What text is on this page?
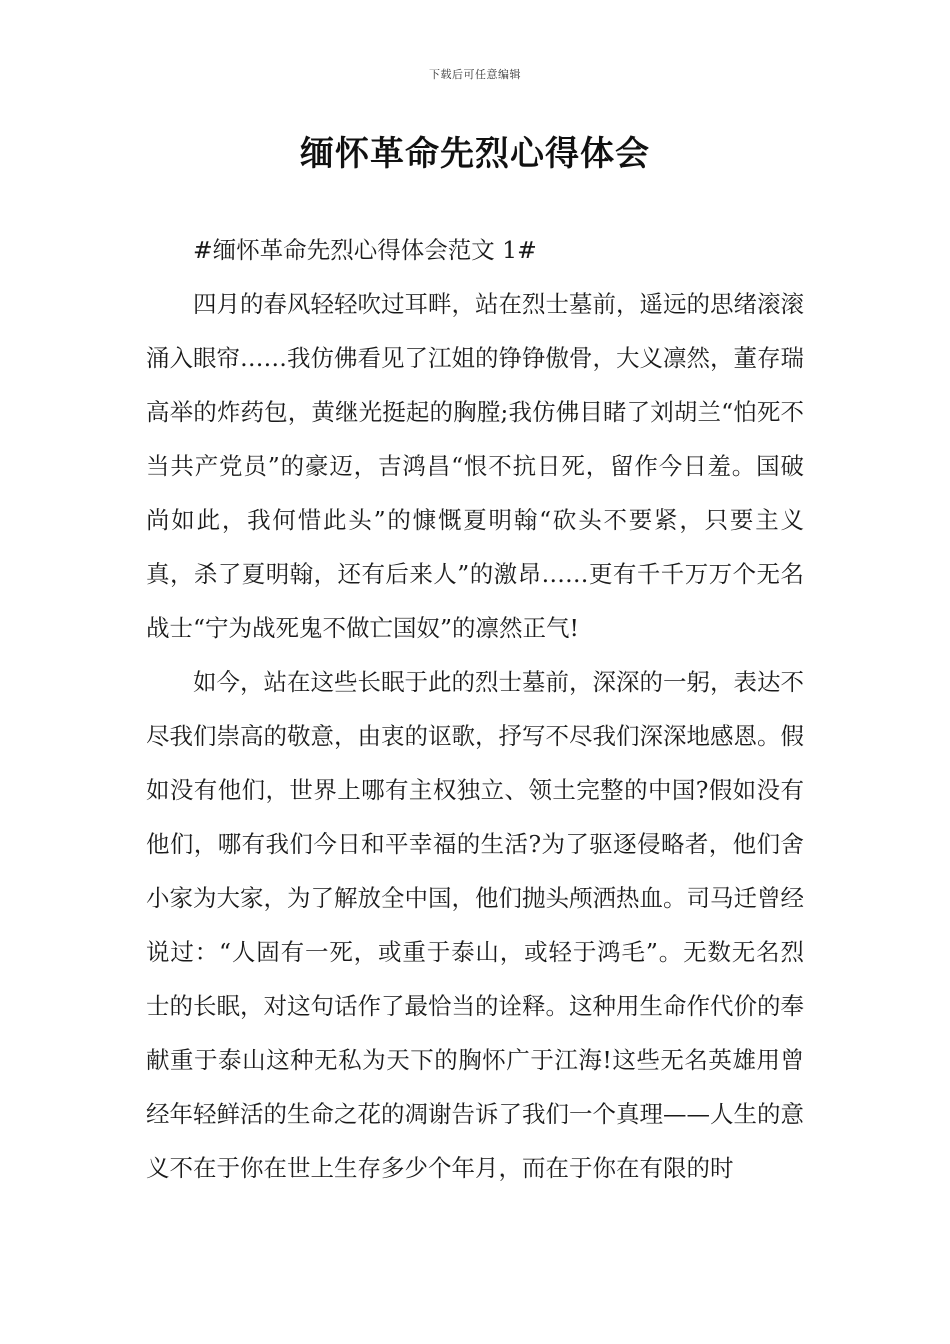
下载后可任意编辑
缅怀革命先烈心得体会

#缅怀革命先烈心得体会范文 1#

四月的春风轻轻吹过耳畔，站在烈士墓前，遥远的思绪滚滚涌入眼帘……我仿佛看见了江姐的铮铮傲骨，大义凛然，董存瑞高举的炸药包，黄继光挺起的胸膛;我仿佛目睹了刘胡兰“怕死不当共产党员”的豪迈，吉鸿昌“恨不抗日死，留作今日羞。国破尚如此，我何惜此头”的慷慨夏明翰“砍头不要紧，只要主义真，杀了夏明翰，还有后来人”的激昂……更有千千万万个无名战士“宁为战死鬼不做亡国奴”的凛然正气!

如今，站在这些长眠于此的烈士墓前，深深的一躬，表达不尽我们崇高的敬意，由衷的讴歌，抒写不尽我们深深地感恩。假如没有他们，世界上哪有主权独立、领土完整的中国?假如没有他们，哪有我们今日和平幸福的生活?为了驱逐侵略者，他们舍小家为大家，为了解放全中国，他们抛头颅洒热血。司马迁曾经说过：“人固有一死，或重于泰山，或轻于鸿毛”。无数无名烈士的长眠，对这句话作了最恰当的诠释。这种用生命作代价的奉献重于泰山这种无私为天下的胸怀广于江海!这些无名英雄用曾经年轻鲜活的生命之花的凋谢告诉了我们一个真理——人生的意义不在于你在世上生存多少个年月，而在于你在有限的时
